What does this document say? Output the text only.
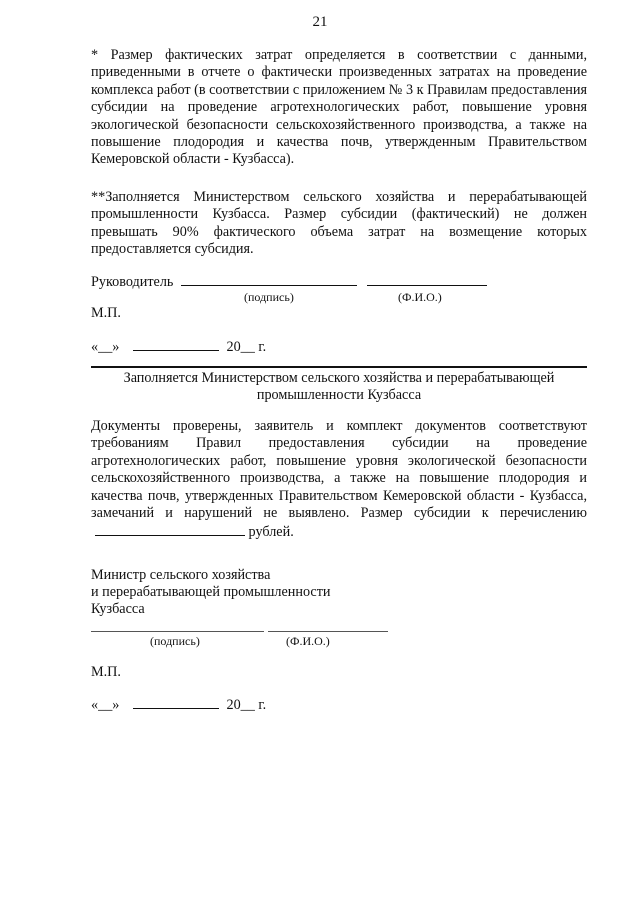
21
* Размер фактических затрат определяется в соответствии с данными, приведенными в отчете о фактически произведенных затратах на проведение комплекса работ (в соответствии с приложением № 3 к Правилам предоставления субсидии на проведение агротехнологических работ, повышение уровня экологической безопасности сельскохозяйственного производства, а также на повышение плодородия и качества почв, утвержденным Правительством Кемеровской области - Кузбасса).
**Заполняется Министерством сельского хозяйства и перерабатывающей промышленности Кузбасса. Размер субсидии (фактический) не должен превышать 90% фактического объема затрат на возмещение которых предоставляется субсидия.
Руководитель
(подпись)	(Ф.И.О.)
М.П.
«__»	20__ г.
Заполняется Министерством сельского хозяйства и перерабатывающей промышленности Кузбасса
Документы проверены, заявитель и комплект документов соответствуют требованиям Правил предоставления субсидии на проведение агротехнологических работ, повышение уровня экологической безопасности сельскохозяйственного производства, а также на повышение плодородия и качества почв, утвержденных Правительством Кемеровской области - Кузбасса, замечаний и нарушений не выявлено. Размер субсидии к перечислению  рублей.
Министр сельского хозяйства
и перерабатывающей промышленности
Кузбасса
(подпись)	(Ф.И.О.)
М.П.
«__»	20__ г.
